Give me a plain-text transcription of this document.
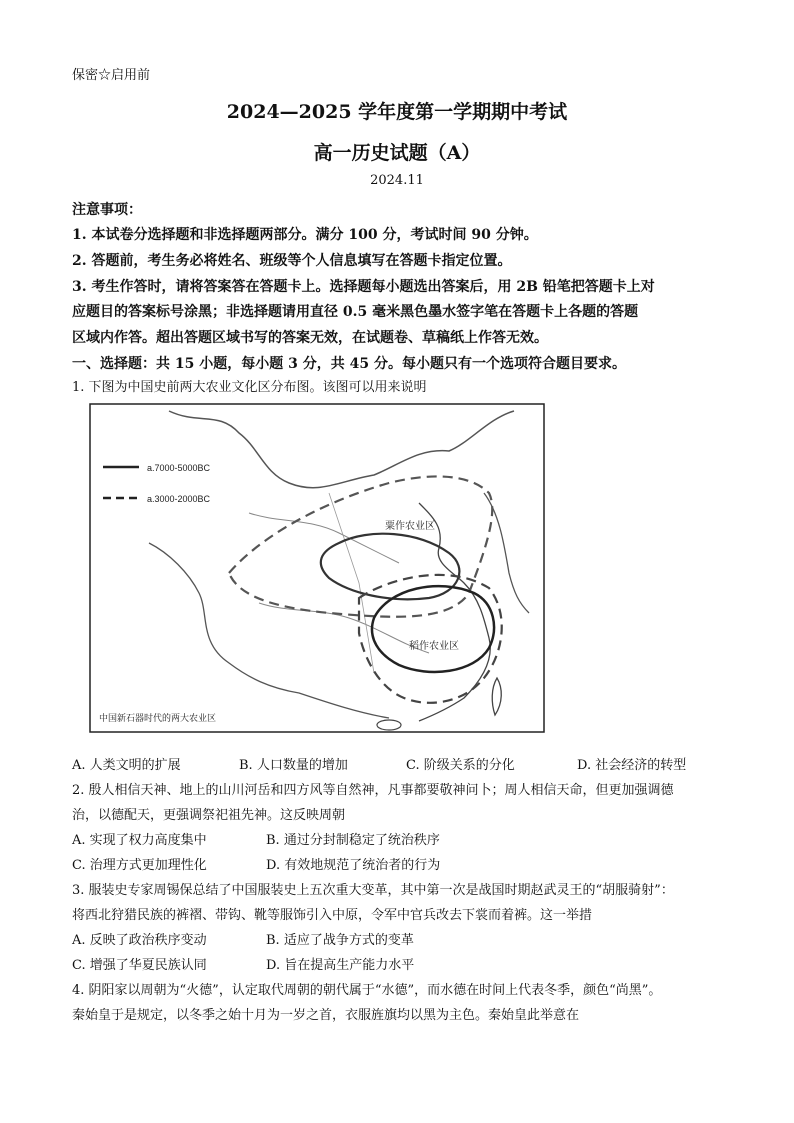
保密☆启用前
2024—2025 学年度第一学期期中考试
高一历史试题（A）
2024.11
注意事项：
1. 本试卷分选择题和非选择题两部分。满分 100 分，考试时间 90 分钟。
2. 答题前，考生务必将姓名、班级等个人信息填写在答题卡指定位置。
3. 考生作答时，请将答案答在答题卡上。选择题每小题选出答案后，用 2B 铅笔把答题卡上对
应题目的答案标号涂黑；非选择题请用直径 0.5 毫米黑色墨水签字笔在答题卡上各题的答题
区域内作答。超出答题区域书写的答案无效，在试题卷、草稿纸上作答无效。
一、选择题：共 15 小题，每小题 3 分，共 45 分。每小题只有一个选项符合题目要求。
1. 下图为中国史前两大农业文化区分布图。该图可以用来说明
a.7000-5000BC
a.3000-2000BC
粟作农业区
稻作农业区
中国新石器时代的两大农业区
A. 人类文明的扩展	B. 人口数量的增加	C. 阶级关系的分化	D. 社会经济的转型
2. 殷人相信天神、地上的山川河岳和四方风等自然神，凡事都要敬神问卜；周人相信天命，但更加强调德
治，以德配天，更强调祭祀祖先神。这反映周朝
A. 实现了权力高度集中	B. 通过分封制稳定了统治秩序
C. 治理方式更加理性化	D. 有效地规范了统治者的行为
3. 服装史专家周锡保总结了中国服装史上五次重大变革，其中第一次是战国时期赵武灵王的“胡服骑射”：
将西北狩猎民族的裤褶、带钩、靴等服饰引入中原，令军中官兵改去下裳而着裤。这一举措
A. 反映了政治秩序变动	B. 适应了战争方式的变革
C. 增强了华夏民族认同	D. 旨在提高生产能力水平
4. 阴阳家以周朝为“火德”，认定取代周朝的朝代属于“水德”，而水德在时间上代表冬季，颜色“尚黑”。
秦始皇于是规定，以冬季之始十月为一岁之首，衣服旌旗均以黑为主色。秦始皇此举意在
